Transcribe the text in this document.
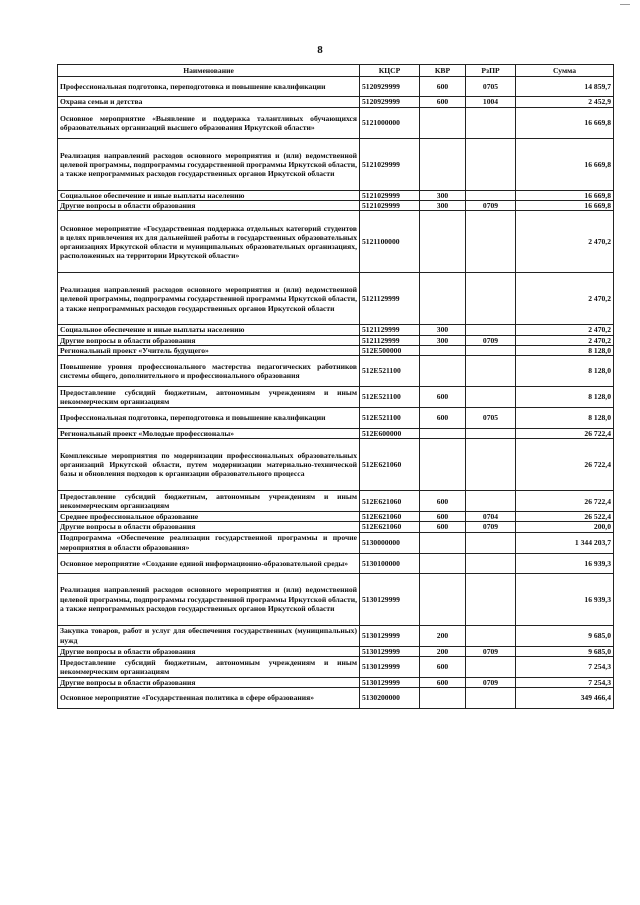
8
Наименование	КЦСР	КВР	РзПР	Сумма
Профессиональная подготовка, переподготовка и повышение квалификации	5120929999	600	0705	14 859,7
Охрана семьи и детства	5120929999	600	1004	2 452,9
Основное мероприятие «Выявление и поддержка талантливых обучающихся образовательных организаций высшего образования Иркутской области»	5121000000			16 669,8
Реализация направлений расходов основного мероприятия и (или) ведомственной целевой программы, подпрограммы государственной программы Иркутской области, а также непрограммных расходов государственных органов Иркутской области	5121029999			16 669,8
Социальное обеспечение и иные выплаты населению	5121029999	300		16 669,8
Другие вопросы в области образования	5121029999	300	0709	16 669,8
Основное мероприятие «Государственная поддержка отдельных категорий студентов в целях привлечения их для дальнейшей работы в государственных образовательных организациях Иркутской области и муниципальных образовательных организациях, расположенных на территории Иркутской области»	5121100000			2 470,2
Реализация направлений расходов основного мероприятия и (или) ведомственной целевой программы, подпрограммы государственной программы Иркутской области, а также непрограммных расходов государственных органов Иркутской области	5121129999			2 470,2
Социальное обеспечение и иные выплаты населению	5121129999	300		2 470,2
Другие вопросы в области образования	5121129999	300	0709	2 470,2
Региональный проект «Учитель будущего»	512E500000			8 128,0
Повышение уровня профессионального мастерства педагогических работников системы общего, дополнительного и профессионального образования	512E521100			8 128,0
Предоставление субсидий бюджетным, автономным учреждениям и иным некоммерческим организациям	512E521100	600		8 128,0
Профессиональная подготовка, переподготовка и повышение квалификации	512E521100	600	0705	8 128,0
Региональный проект «Молодые профессионалы»	512E600000			26 722,4
Комплексные мероприятия по модернизации профессиональных образовательных организаций Иркутской области, путем модернизации материально-технической базы и обновления подходов к организации образовательного процесса	512E621060			26 722,4
Предоставление субсидий бюджетным, автономным учреждениям и иным некоммерческим организациям	512E621060	600		26 722,4
Среднее профессиональное образование	512E621060	600	0704	26 522,4
Другие вопросы в области образования	512E621060	600	0709	200,0
Подпрограмма «Обеспечение реализации государственной программы и прочие мероприятия в области образования»	5130000000			1 344 203,7
Основное мероприятие «Создание единой информационно-образовательной среды»	5130100000			16 939,3
Реализация направлений расходов основного мероприятия и (или) ведомственной целевой программы, подпрограммы государственной программы Иркутской области, а также непрограммных расходов государственных органов Иркутской области	5130129999			16 939,3
Закупка товаров, работ и услуг для обеспечения государственных (муниципальных) нужд	5130129999	200		9 685,0
Другие вопросы в области образования	5130129999	200	0709	9 685,0
Предоставление субсидий бюджетным, автономным учреждениям и иным некоммерческим организациям	5130129999	600		7 254,3
Другие вопросы в области образования	5130129999	600	0709	7 254,3
Основное мероприятие «Государственная политика в сфере образования»	5130200000			349 466,4
